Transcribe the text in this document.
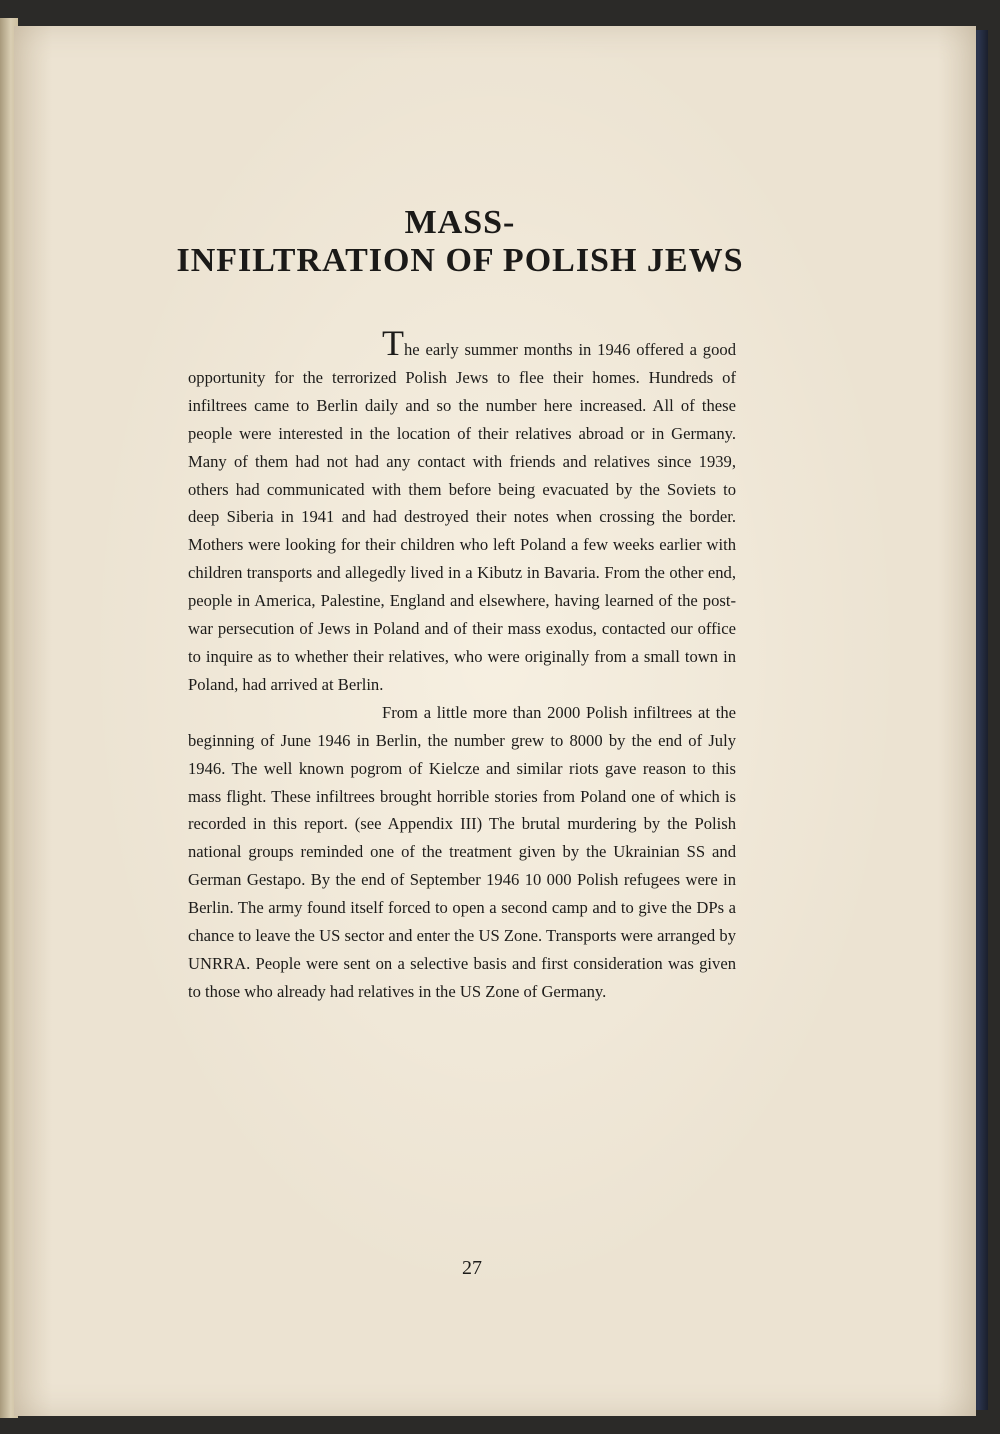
MASS-
INFILTRATION OF POLISH JEWS

The early summer months in 1946 offered a good opportunity for the terrorized Polish Jews to flee their homes. Hundreds of infiltrees came to Berlin daily and so the number here increased. All of these people were interested in the location of their relatives abroad or in Germany. Many of them had not had any contact with friends and relatives since 1939, others had communicated with them before being evacuated by the Soviets to deep Siberia in 1941 and had destroyed their notes when crossing the border. Mothers were looking for their children who left Poland a few weeks earlier with children transports and allegedly lived in a Kibutz in Bavaria. From the other end, people in America, Palestine, England and elsewhere, having learned of the post-war persecution of Jews in Poland and of their mass exodus, contacted our office to inquire as to whether their relatives, who were originally from a small town in Poland, had arrived at Berlin.

From a little more than 2000 Polish infiltrees at the beginning of June 1946 in Berlin, the number grew to 8000 by the end of July 1946. The well known pogrom of Kielcze and similar riots gave reason to this mass flight. These infiltrees brought horrible stories from Poland one of which is recorded in this report. (see Appendix III) The brutal murdering by the Polish national groups reminded one of the treatment given by the Ukrainian SS and German Gestapo. By the end of September 1946 10 000 Polish refugees were in Berlin. The army found itself forced to open a second camp and to give the DPs a chance to leave the US sector and enter the US Zone. Transports were arranged by UNRRA. People were sent on a selective basis and first consideration was given to those who already had relatives in the US Zone of Germany.

27
